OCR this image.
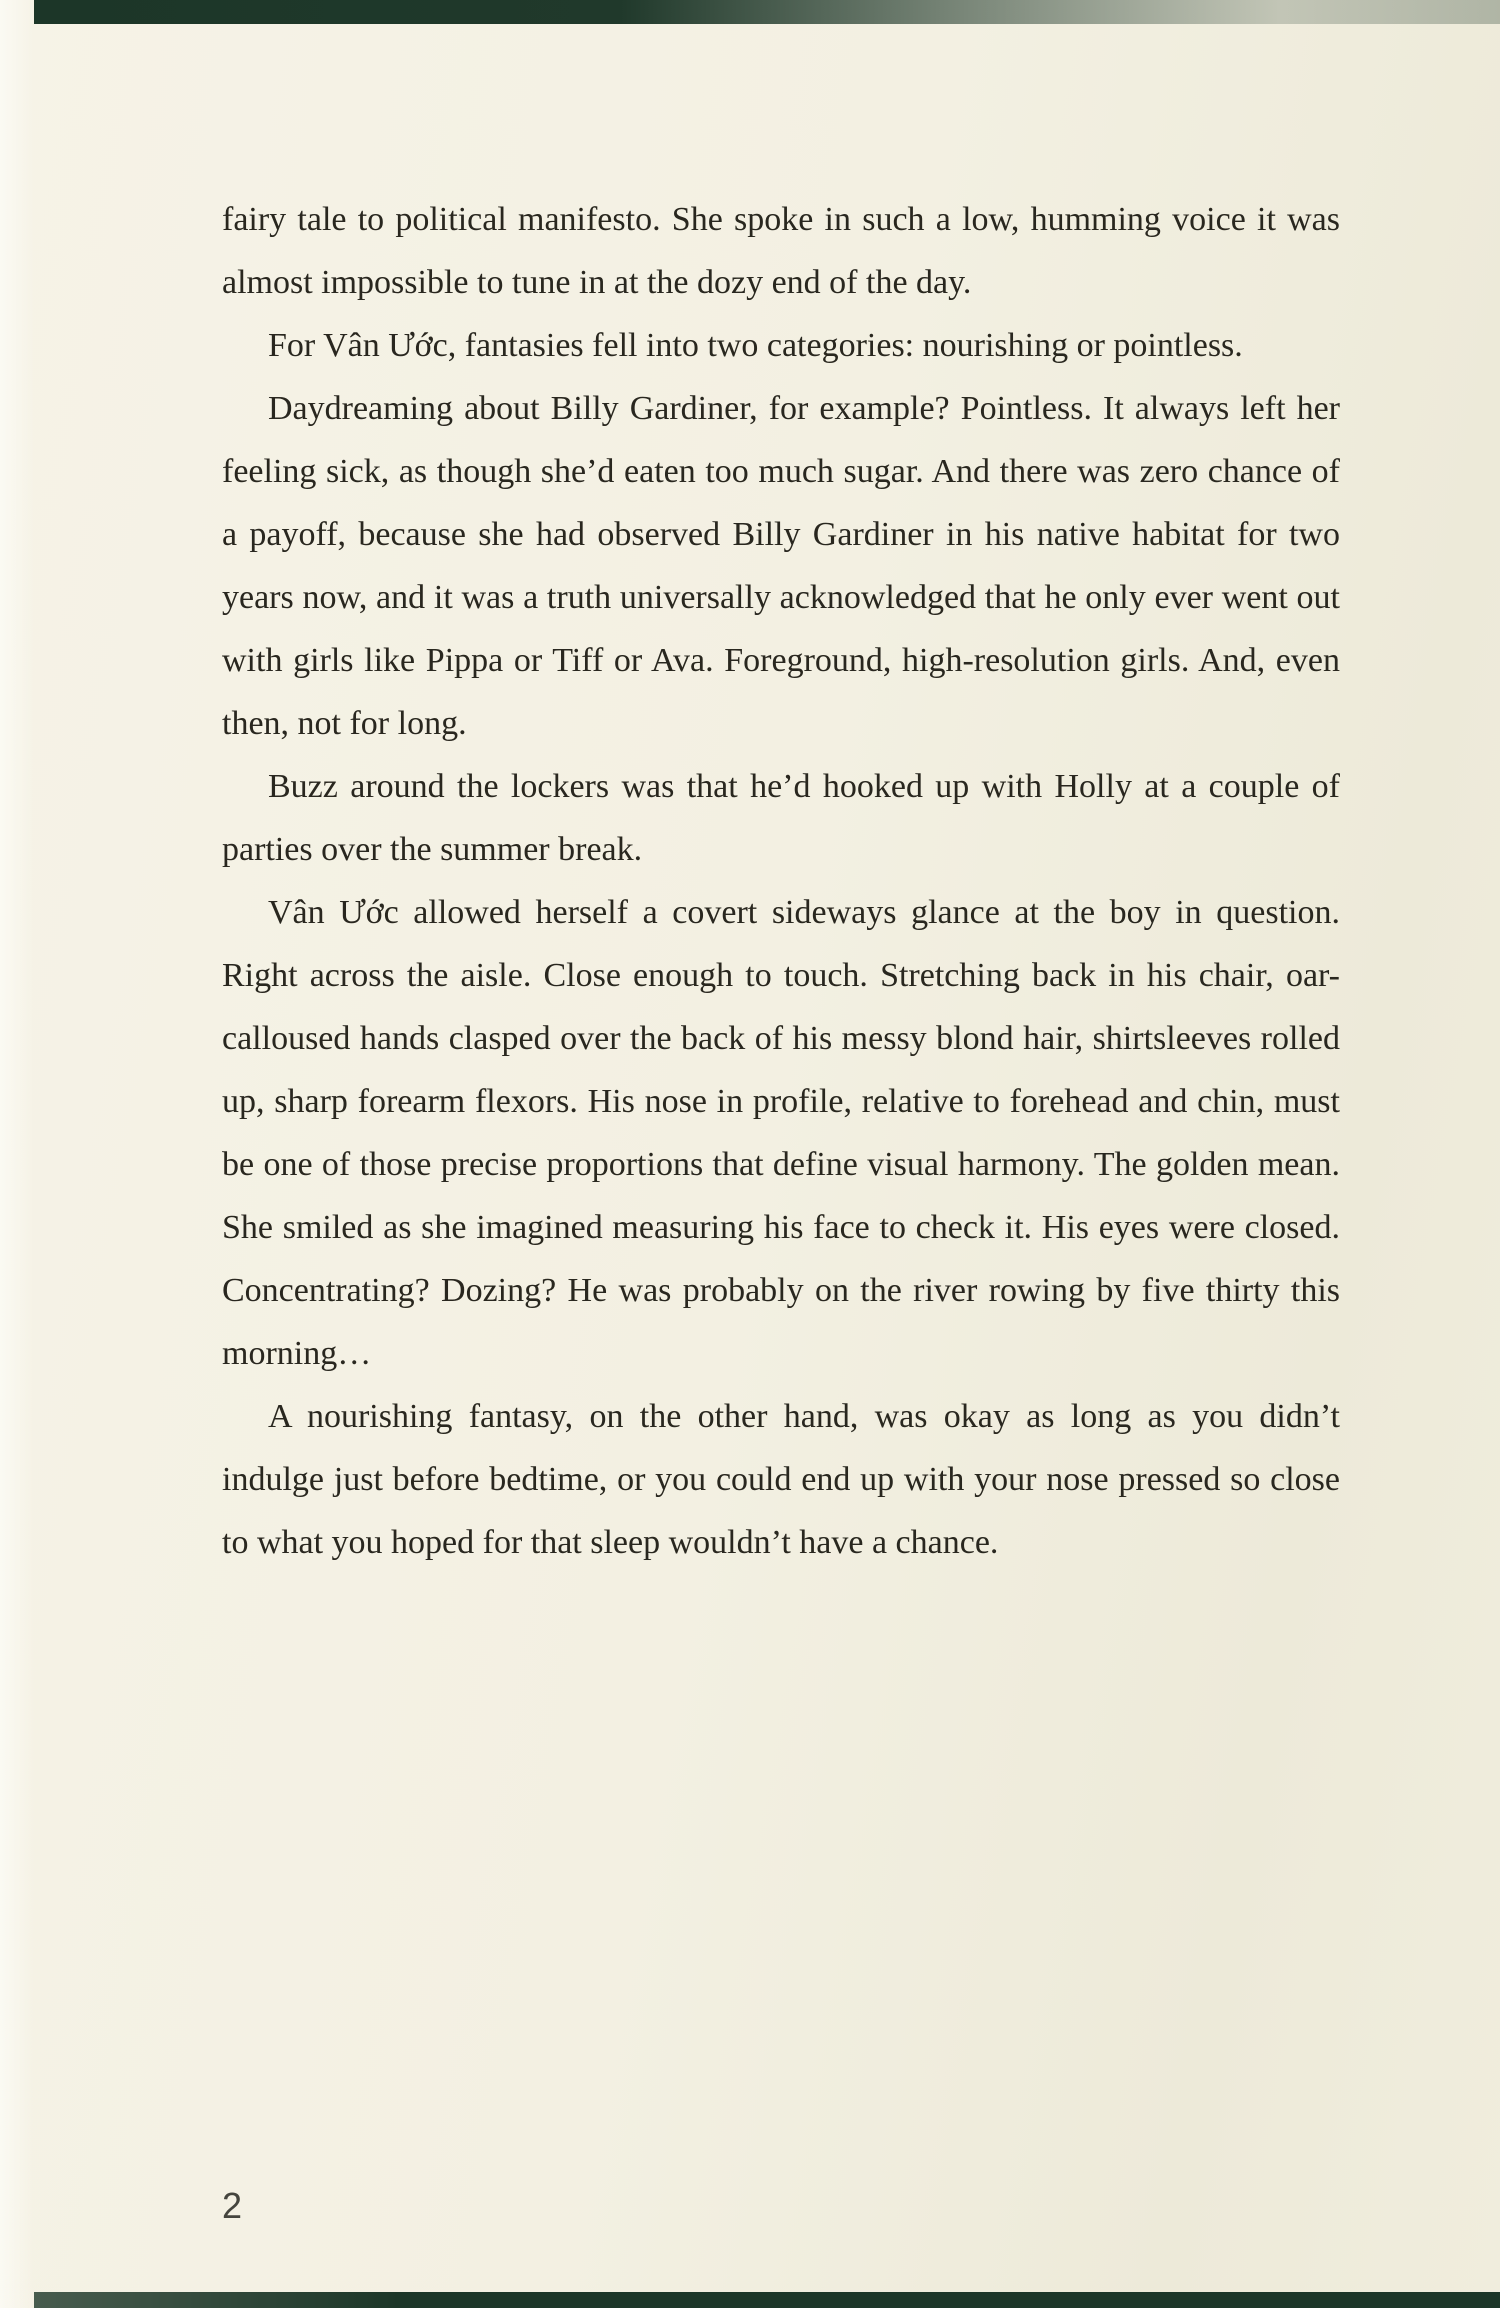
fairy tale to political manifesto. She spoke in such a low, humming voice it was almost impossible to tune in at the dozy end of the day.

For Vân Ước, fantasies fell into two categories: nourishing or pointless.

Daydreaming about Billy Gardiner, for example? Pointless. It always left her feeling sick, as though she’d eaten too much sugar. And there was zero chance of a payoff, because she had observed Billy Gardiner in his native habitat for two years now, and it was a truth universally acknowledged that he only ever went out with girls like Pippa or Tiff or Ava. Foreground, high-resolution girls. And, even then, not for long.

Buzz around the lockers was that he’d hooked up with Holly at a couple of parties over the summer break.

Vân Ước allowed herself a covert sideways glance at the boy in question. Right across the aisle. Close enough to touch. Stretching back in his chair, oar-calloused hands clasped over the back of his messy blond hair, shirtsleeves rolled up, sharp forearm flexors. His nose in profile, relative to forehead and chin, must be one of those precise proportions that define visual harmony. The golden mean. She smiled as she imagined measuring his face to check it. His eyes were closed. Concentrating? Dozing? He was probably on the river rowing by five thirty this morning…

A nourishing fantasy, on the other hand, was okay as long as you didn’t indulge just before bedtime, or you could end up with your nose pressed so close to what you hoped for that sleep wouldn’t have a chance.

2
